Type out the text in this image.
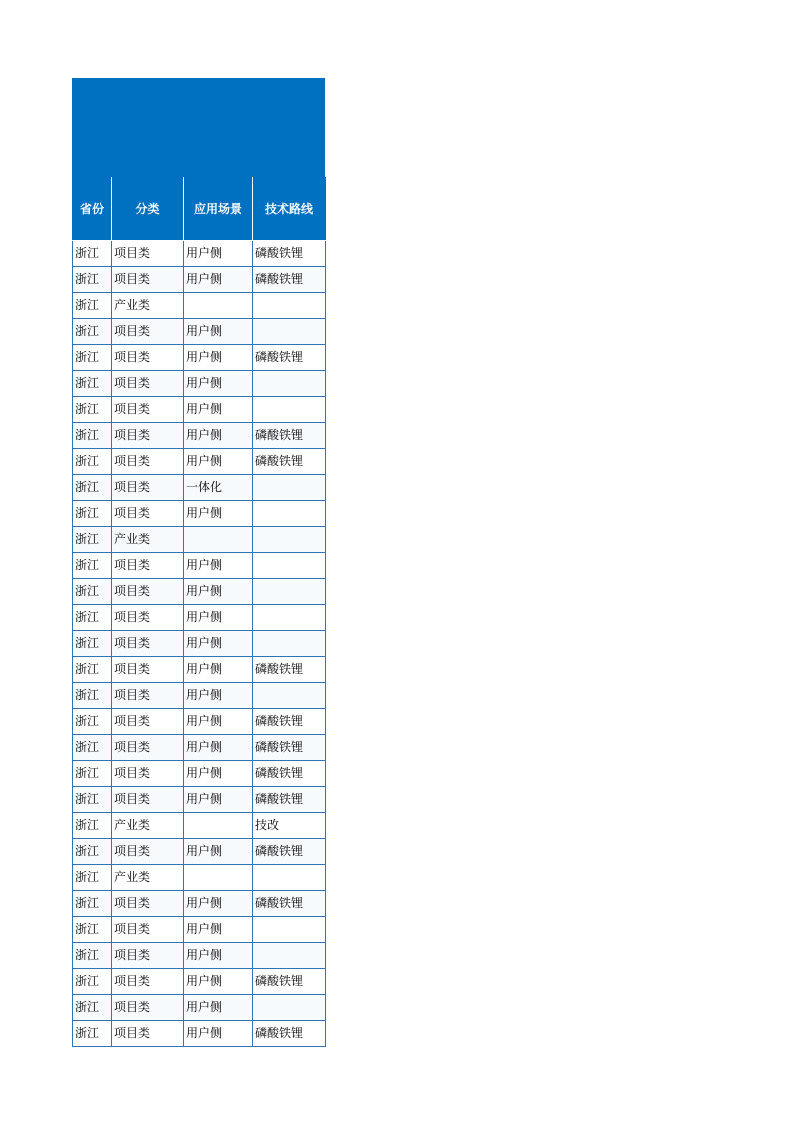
省份	分类	应用场景	技术路线
浙江	项目类	用户侧	磷酸铁锂
浙江	项目类	用户侧	磷酸铁锂
浙江	产业类		
浙江	项目类	用户侧	
浙江	项目类	用户侧	磷酸铁锂
浙江	项目类	用户侧	
浙江	项目类	用户侧	
浙江	项目类	用户侧	磷酸铁锂
浙江	项目类	用户侧	磷酸铁锂
浙江	项目类	一体化	
浙江	项目类	用户侧	
浙江	产业类		
浙江	项目类	用户侧	
浙江	项目类	用户侧	
浙江	项目类	用户侧	
浙江	项目类	用户侧	
浙江	项目类	用户侧	磷酸铁锂
浙江	项目类	用户侧	
浙江	项目类	用户侧	磷酸铁锂
浙江	项目类	用户侧	磷酸铁锂
浙江	项目类	用户侧	磷酸铁锂
浙江	项目类	用户侧	磷酸铁锂
浙江	产业类		技改
浙江	项目类	用户侧	磷酸铁锂
浙江	产业类		
浙江	项目类	用户侧	磷酸铁锂
浙江	项目类	用户侧	
浙江	项目类	用户侧	
浙江	项目类	用户侧	磷酸铁锂
浙江	项目类	用户侧	
浙江	项目类	用户侧	磷酸铁锂
